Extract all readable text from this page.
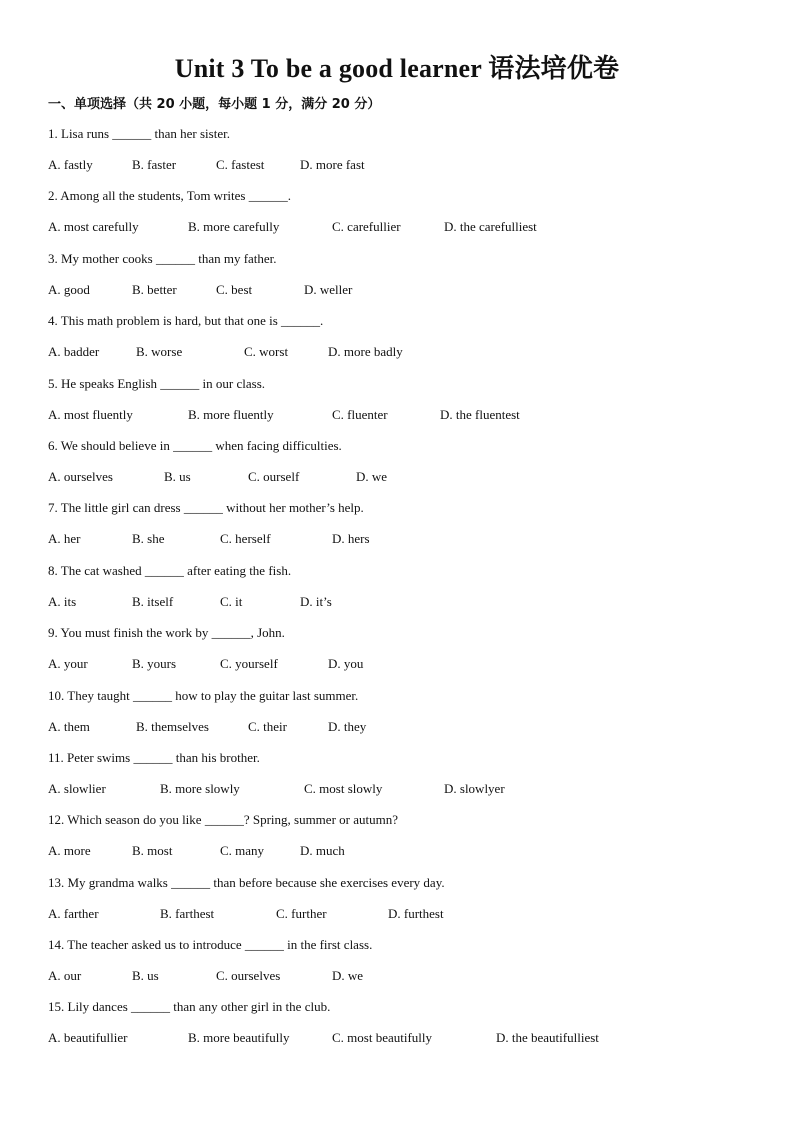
Unit 3 To be a good learner 语法培优卷
一、单项选择（共 20 小题，每小题 1 分，满分 20 分）
1. Lisa runs ______ than her sister.
A. fastly	B. faster	C. fastest	D. more fast
2. Among all the students, Tom writes ______.
A. most carefully	B. more carefully	C. carefullier	D. the carefulliest
3. My mother cooks ______ than my father.
A. good	B. better	C. best	D. weller
4. This math problem is hard, but that one is ______.
A. badder	B. worse	C. worst	D. more badly
5. He speaks English ______ in our class.
A. most fluently	B. more fluently	C. fluenter	D. the fluentest
6. We should believe in ______ when facing difficulties.
A. ourselves	B. us	C. ourself	D. we
7. The little girl can dress ______ without her mother’s help.
A. her	B. she	C. herself	D. hers
8. The cat washed ______ after eating the fish.
A. its	B. itself	C. it	D. it’s
9. You must finish the work by ______, John.
A. your	B. yours	C. yourself	D. you
10. They taught ______ how to play the guitar last summer.
A. them	B. themselves	C. their	D. they
11. Peter swims ______ than his brother.
A. slowlier	B. more slowly	C. most slowly	D. slowlyer
12. Which season do you like ______? Spring, summer or autumn?
A. more	B. most	C. many	D. much
13. My grandma walks ______ than before because she exercises every day.
A. farther	B. farthest	C. further	D. furthest
14. The teacher asked us to introduce ______ in the first class.
A. our	B. us	C. ourselves	D. we
15. Lily dances ______ than any other girl in the club.
A. beautifullier	B. more beautifully	C. most beautifully	D. the beautifulliest
